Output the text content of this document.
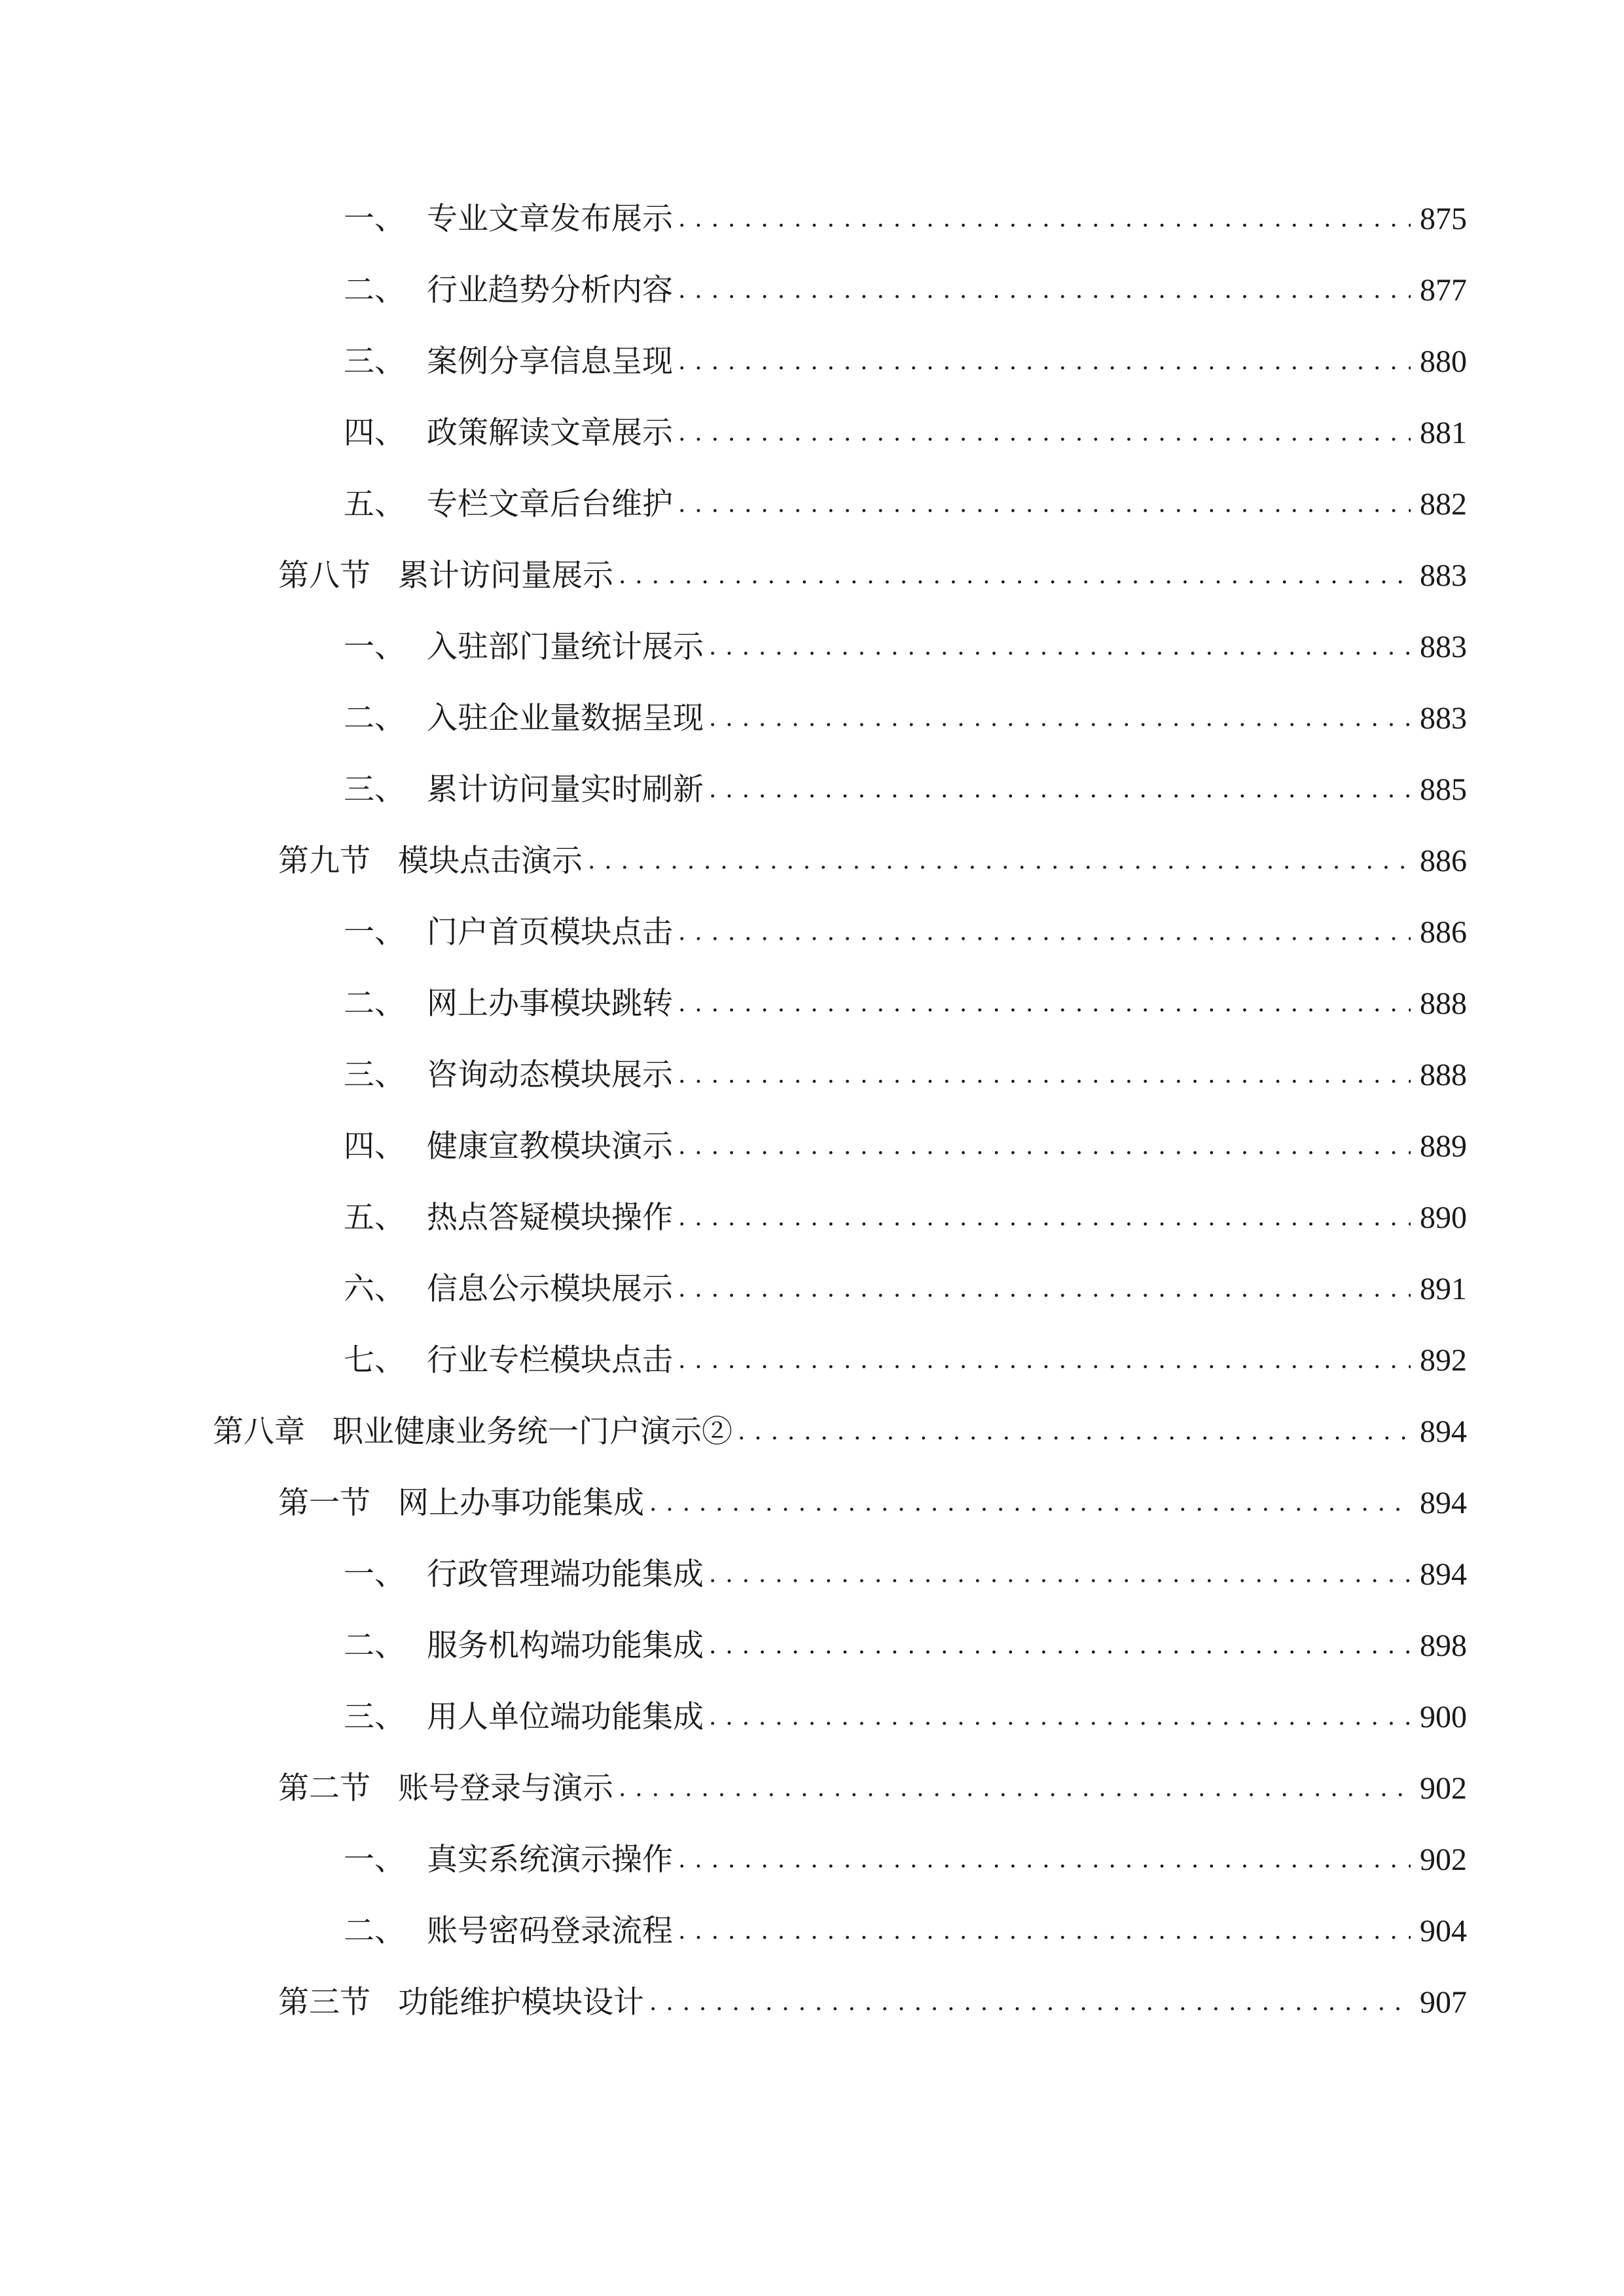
一、 专业文章发布展示 . . .	875
二、 行业趋势分析内容 . . .	877
三、 案例分享信息呈现 . . .	880
四、 政策解读文章展示 . . .	881
五、 专栏文章后台维护 . . .	882
第八节 累计访问量展示 . . .	883
一、 入驻部门量统计展示 . . .	883
二、 入驻企业量数据呈现 . . .	883
三、 累计访问量实时刷新 . . .	885
第九节 模块点击演示 . . .	886
一、 门户首页模块点击 . . .	886
二、 网上办事模块跳转 . . .	888
三、 咨询动态模块展示 . . .	888
四、 健康宣教模块演示 . . .	889
五、 热点答疑模块操作 . . .	890
六、 信息公示模块展示 . . .	891
七、 行业专栏模块点击 . . .	892
第八章 职业健康业务统一门户演示② . . .	894
第一节 网上办事功能集成 . . .	894
一、 行政管理端功能集成 . . .	894
二、 服务机构端功能集成 . . .	898
三、 用人单位端功能集成 . . .	900
第二节 账号登录与演示 . . .	902
一、 真实系统演示操作 . . .	902
二、 账号密码登录流程 . . .	904
第三节 功能维护模块设计 . . .	907
